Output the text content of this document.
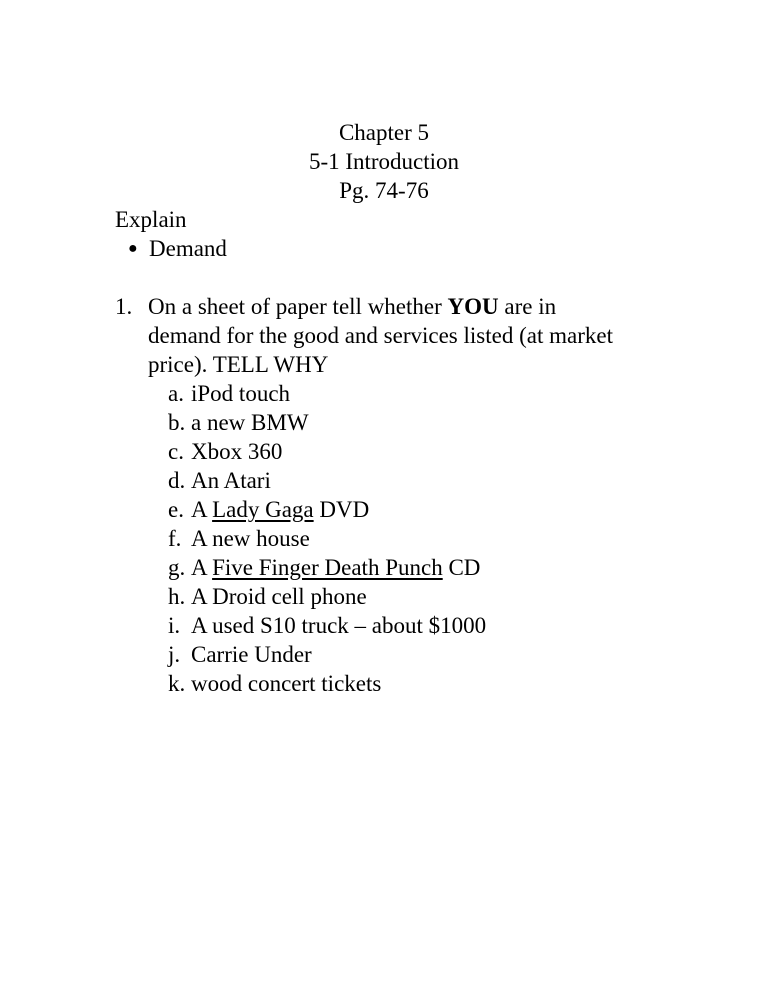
Chapter 5
5-1 Introduction
Pg. 74-76
Explain
● Demand
1. On a sheet of paper tell whether YOU are in demand for the good and services listed (at market price). TELL WHY
a. iPod touch
b. a new BMW
c. Xbox 360
d. An Atari
e. A Lady Gaga DVD
f. A new house
g. A Five Finger Death Punch CD
h. A Droid cell phone
i. A used S10 truck – about $1000
j. Carrie Under
k. wood concert tickets
